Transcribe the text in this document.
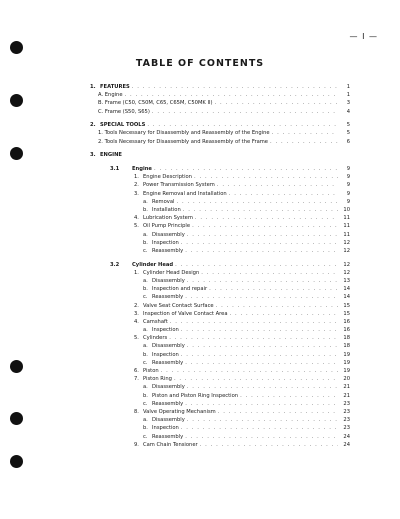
— I —
TABLE OF CONTENTS
1. FEATURES . . .	1
A. Engine . . .	1
B. Frame (C50, C50M, C65, C65M, C50MK II) . . .	3
C. Frame (S50, S65) . . .	4
2. SPECIAL TOOLS . . .	5
1. Tools Necessary for Disassembly and Reassembly of the Engine . . .	5
2. Tools Necessary for Disassembly and Reassembly of the Frame . . .	6
3. ENGINE
3.1 Engine . . .	9
1. Engine Description . . .	9
2. Power Transmission System . . .	9
3. Engine Removal and Installation . . .	9
a. Removal . . .	9
b. Installation . . .	10
4. Lubrication System . . .	11
5. Oil Pump Principle . . .	11
a. Disassembly . . .	11
b. Inspection . . .	12
c. Reassembly . . .	12
3.2 Cylinder Head . . .	12
1. Cylinder Head Design . . .	12
a. Disassembly . . .	13
b. Inspection and repair . . .	14
c. Reassembly . . .	14
2. Valve Seat Contact Surface . . .	15
3. Inspection of Valve Contact Area . . .	15
4. Camshaft . . .	16
a. Inspection . . .	16
5. Cylinders . . .	18
a. Disassembly . . .	18
b. Inspection . . .	19
c. Reassembly . . .	19
6. Piston . . .	19
7. Piston Ring . . .	20
a. Disassembly . . .	21
b. Piston and Piston Ring Inspection . . .	21
c. Reassembly . . .	23
8. Valve Operating Mechanism . . .	23
a. Disassembly . . .	23
b. Inspection . . .	23
c. Reassembly . . .	24
9. Cam Chain Tensioner . . .	24
